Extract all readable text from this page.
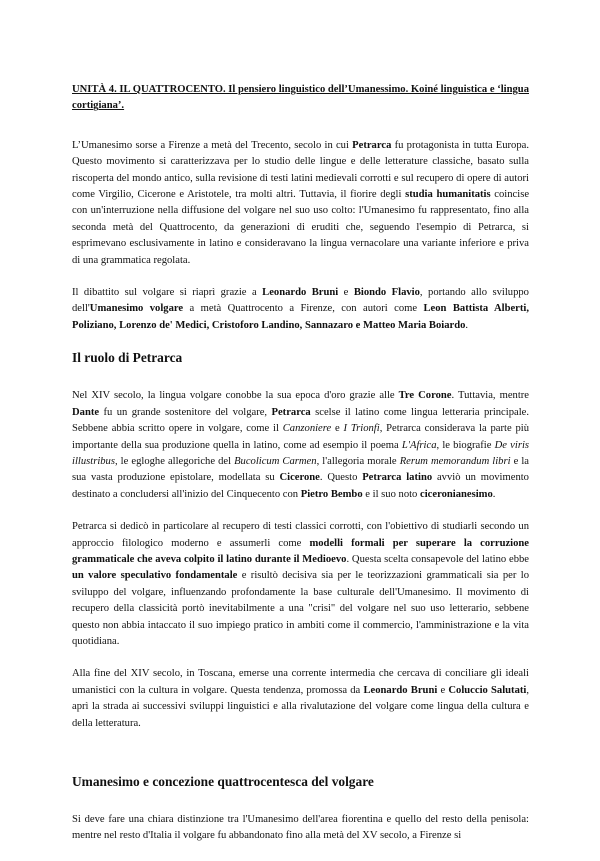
UNITÀ 4. IL QUATTROCENTO. Il pensiero linguistico dell’Umanessimo. Koiné linguistica e ‘lingua cortigiana’.

L’Umanesimo sorse a Firenze a metà del Trecento, secolo in cui Petrarca fu protagonista in tutta Europa. Questo movimento si caratterizzava per lo studio delle lingue e delle letterature classiche, basato sulla riscoperta del mondo antico, sulla revisione di testi latini medievali corrotti e sul recupero di opere di autori come Virgilio, Cicerone e Aristotele, tra molti altri. Tuttavia, il fiorire degli studia humanitatis coincise con un'interruzione nella diffusione del volgare nel suo uso colto: l'Umanesimo fu rappresentato, fino alla seconda metà del Quattrocento, da generazioni di eruditi che, seguendo l'esempio di Petrarca, si esprimevano esclusivamente in latino e consideravano la lingua vernacolare una variante inferiore e priva di una grammatica regolata.

Il dibattito sul volgare si riaprì grazie a Leonardo Bruni e Biondo Flavio, portando allo sviluppo dell'Umanesimo volgare a metà Quattrocento a Firenze, con autori come Leon Battista Alberti, Poliziano, Lorenzo de' Medici, Cristoforo Landino, Sannazaro e Matteo Maria Boiardo.

Il ruolo di Petrarca

Nel XIV secolo, la lingua volgare conobbe la sua epoca d'oro grazie alle Tre Corone. Tuttavia, mentre Dante fu un grande sostenitore del volgare, Petrarca scelse il latino come lingua letteraria principale. Sebbene abbia scritto opere in volgare, come il Canzoniere e I Trionfi, Petrarca considerava la parte più importante della sua produzione quella in latino, come ad esempio il poema L'Africa, le biografie De viris illustribus, le egloghe allegoriche del Bucolicum Carmen, l'allegoria morale Rerum memorandum libri e la sua vasta produzione epistolare, modellata su Cicerone. Questo Petrarca latino avviò un movimento destinato a concludersi all'inizio del Cinquecento con Pietro Bembo e il suo noto ciceronianesimo.

Petrarca si dedicò in particolare al recupero di testi classici corrotti, con l'obiettivo di studiarli secondo un approccio filologico moderno e assumerli come modelli formali per superare la corruzione grammaticale che aveva colpito il latino durante il Medioevo. Questa scelta consapevole del latino ebbe un valore speculativo fondamentale e risultò decisiva sia per le teorizzazioni grammaticali sia per lo sviluppo del volgare, influenzando profondamente la base culturale dell'Umanesimo. Il movimento di recupero della classicità portò inevitabilmente a una "crisi" del volgare nel suo uso letterario, sebbene questo non abbia intaccato il suo impiego pratico in ambiti come il commercio, l'amministrazione e la vita quotidiana.

Alla fine del XIV secolo, in Toscana, emerse una corrente intermedia che cercava di conciliare gli ideali umanistici con la cultura in volgare. Questa tendenza, promossa da Leonardo Bruni e Coluccio Salutati, aprì la strada ai successivi sviluppi linguistici e alla rivalutazione del volgare come lingua della cultura e della letteratura.

Umanesimo e concezione quattrocentesca del volgare

Si deve fare una chiara distinzione tra l'Umanesimo dell'area fiorentina e quello del resto della penisola: mentre nel resto d'Italia il volgare fu abbandonato fino alla metà del XV secolo, a Firenze si
